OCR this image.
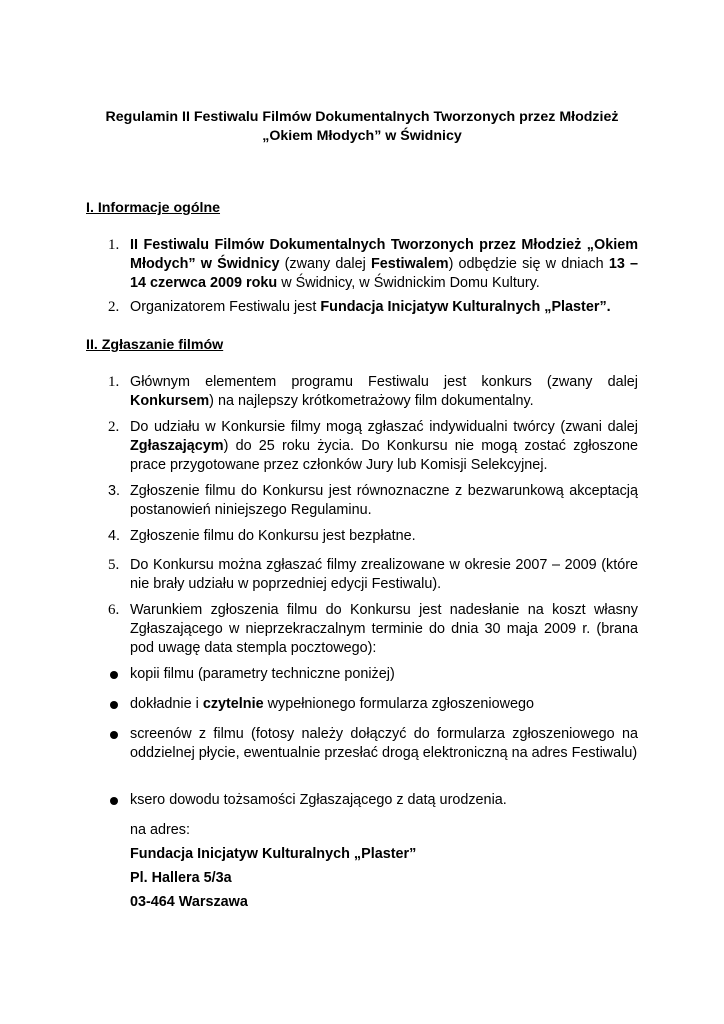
Regulamin II Festiwalu Filmów Dokumentalnych Tworzonych przez Młodzież
„Okiem Młodych” w Świdnicy
I. Informacje ogólne
1. II Festiwalu Filmów Dokumentalnych Tworzonych przez Młodzież „Okiem Młodych” w Świdnicy (zwany dalej Festiwalem) odbędzie się w dniach 13 – 14 czerwca 2009 roku w Świdnicy, w Świdnickim Domu Kultury.
2. Organizatorem Festiwalu jest Fundacja Inicjatyw Kulturalnych „Plaster”.
II. Zgłaszanie filmów
1. Głównym elementem programu Festiwalu jest konkurs (zwany dalej Konkursem) na najlepszy krótkometrażowy film dokumentalny.
2. Do udziału w Konkursie filmy mogą zgłaszać indywidualni twórcy (zwani dalej Zgłaszającym) do 25 roku życia. Do Konkursu nie mogą zostać zgłoszone prace przygotowane przez członków Jury lub Komisji Selekcyjnej.
3. Zgłoszenie filmu do Konkursu jest równoznaczne z bezwarunkową akceptacją postanowień niniejszego Regulaminu.
4. Zgłoszenie filmu do Konkursu jest bezpłatne.
5. Do Konkursu można zgłaszać filmy zrealizowane w okresie 2007 – 2009 (które nie brały udziału w poprzedniej edycji Festiwalu).
6. Warunkiem zgłoszenia filmu do Konkursu jest nadesłanie na koszt własny Zgłaszającego w nieprzekraczalnym terminie do dnia 30 maja 2009 r. (brana pod uwagę data stempla pocztowego):
kopii filmu (parametry techniczne poniżej)
dokładnie i czytelnie wypełnionego formularza zgłoszeniowego
screenów z filmu (fotosy należy dołączyć do formularza zgłoszeniowego na oddzielnej płycie, ewentualnie przesłać drogą elektroniczną na adres Festiwalu)
ksero dowodu tożsamości Zgłaszającego z datą urodzenia.
na adres:
Fundacja Inicjatyw Kulturalnych „Plaster”
Pl. Hallera 5/3a
03-464 Warszawa
